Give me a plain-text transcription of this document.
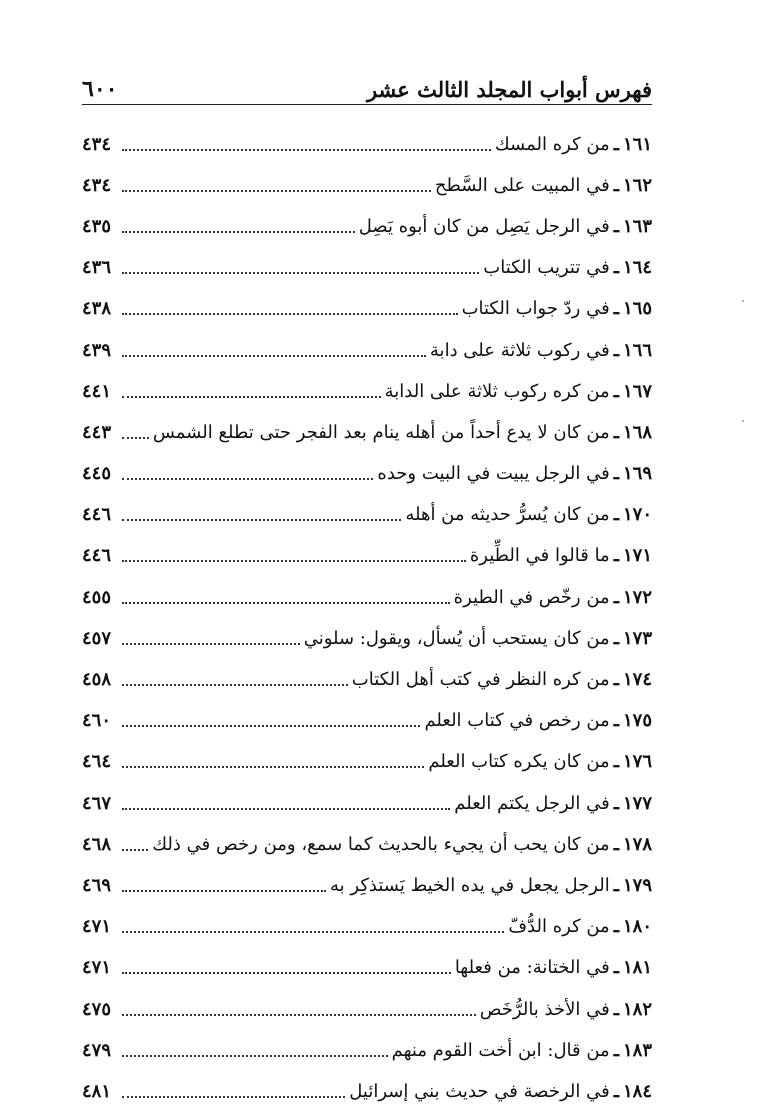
فهرس أبواب المجلد الثالث عشر
٦٠٠
١٦١
ـ
من كره المسك
٤٣٤
١٦٢
ـ
في المبيت على السَّطح
٤٣٤
١٦٣
ـ
في الرجل يَصِل من كان أبوه يَصِل
٤٣٥
١٦٤
ـ
في تتريب الكتاب
٤٣٦
١٦٥
ـ
في ردّ جواب الكتاب
٤٣٨
١٦٦
ـ
في ركوب ثلاثة على دابة
٤٣٩
١٦٧
ـ
من كره ركوب ثلاثة على الدابة
٤٤١
١٦٨
ـ
من كان لا يدع أحداً من أهله ينام بعد الفجر حتى تطلع الشمس
٤٤٣
١٦٩
ـ
في الرجل يبيت في البيت وحده
٤٤٥
١٧٠
ـ
من كان يُسرُّ حديثه من أهله
٤٤٦
١٧١
ـ
ما قالوا في الطِّيرة
٤٤٦
١٧٢
ـ
من رخّص في الطيرة
٤٥٥
١٧٣
ـ
من كان يستحب أن يُسأل، ويقول: سلوني
٤٥٧
١٧٤
ـ
من كره النظر في كتب أهل الكتاب
٤٥٨
١٧٥
ـ
من رخص في كتاب العلم
٤٦٠
١٧٦
ـ
من كان يكره كتاب العلم
٤٦٤
١٧٧
ـ
في الرجل يكتم العلم
٤٦٧
١٧٨
ـ
من كان يحب أن يجيء بالحديث كما سمع، ومن رخص في ذلك
٤٦٨
١٧٩
ـ
الرجل يجعل في يده الخيط يَستذكِر به
٤٦٩
١٨٠
ـ
من كره الدُّفّ
٤٧١
١٨١
ـ
في الختانة: من فعلها
٤٧١
١٨٢
ـ
في الأخذ بالرُّخَص
٤٧٥
١٨٣
ـ
من قال: ابن أخت القوم منهم
٤٧٩
١٨٤
ـ
في الرخصة في حديث بني إسرائيل
٤٨١
